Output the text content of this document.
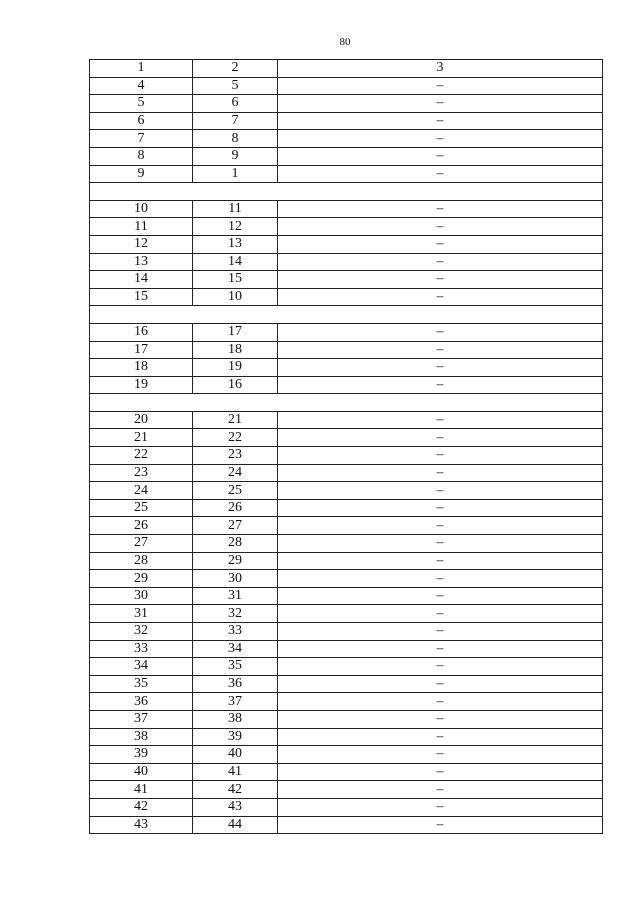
80
1	2	3
4	5	–
5	6	–
6	7	–
7	8	–
8	9	–
9	1	–

10	11	–
11	12	–
12	13	–
13	14	–
14	15	–
15	10	–

16	17	–
17	18	–
18	19	–
19	16	–

20	21	–
21	22	–
22	23	–
23	24	–
24	25	–
25	26	–
26	27	–
27	28	–
28	29	–
29	30	–
30	31	–
31	32	–
32	33	–
33	34	–
34	35	–
35	36	–
36	37	–
37	38	–
38	39	–
39	40	–
40	41	–
41	42	–
42	43	–
43	44	–
